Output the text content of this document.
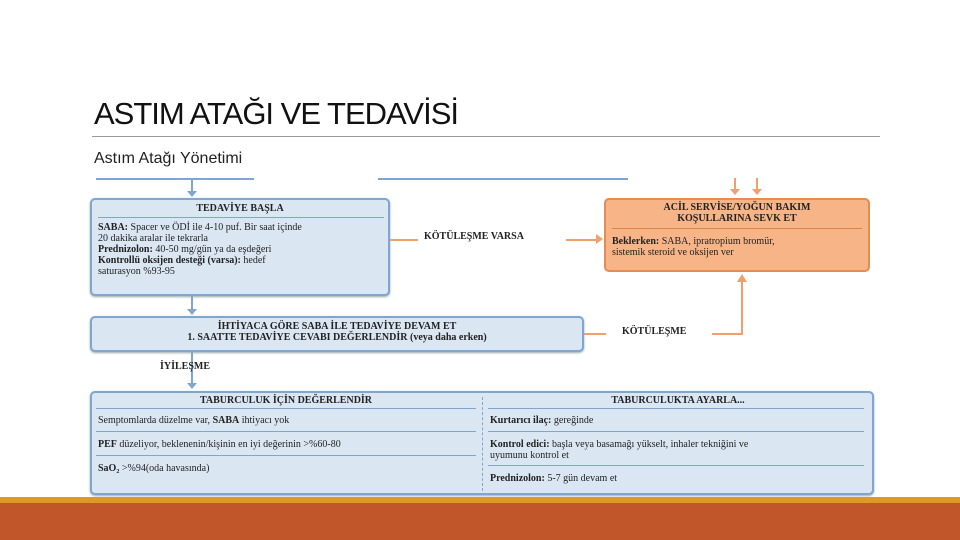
ASTIM ATAĞI VE TEDAVİSİ
Astım Atağı Yönetimi
TEDAVİYE BAŞLA
SABA: Spacer ve ÖDİ ile 4-10 puf. Bir saat içinde
20 dakika aralar ile tekrarla
Prednizolon: 40-50 mg/gün ya da eşdeğeri
Kontrollü oksijen desteği (varsa): hedef
saturasyon %93-95
KÖTÜLEŞME VARSA
ACİL SERVİSE/YOĞUN BAKIM
KOŞULLARINA SEVK ET
Beklerken: SABA, ipratropium bromür,
sistemik steroid ve oksijen ver
İHTİYACA GÖRE SABA İLE TEDAVİYE DEVAM ET
1. SAATTE TEDAVİYE CEVABI DEĞERLENDİR (veya daha erken)
KÖTÜLEŞME
İYİLEŞME
TABURCULUK İÇİN DEĞERLENDİR
Semptomlarda düzelme var, SABA ihtiyacı yok
PEF düzeliyor, beklenenin/kişinin en iyi değerinin >%60-80
SaO₂ >%94(oda havasında)
TABURCULUKTA AYARLA...
Kurtarıcı ilaç: gereğinde
Kontrol edici: başla veya basamağı yükselt, inhaler tekniğini ve
uyumunu kontrol et
Prednizolon: 5-7 gün devam et
